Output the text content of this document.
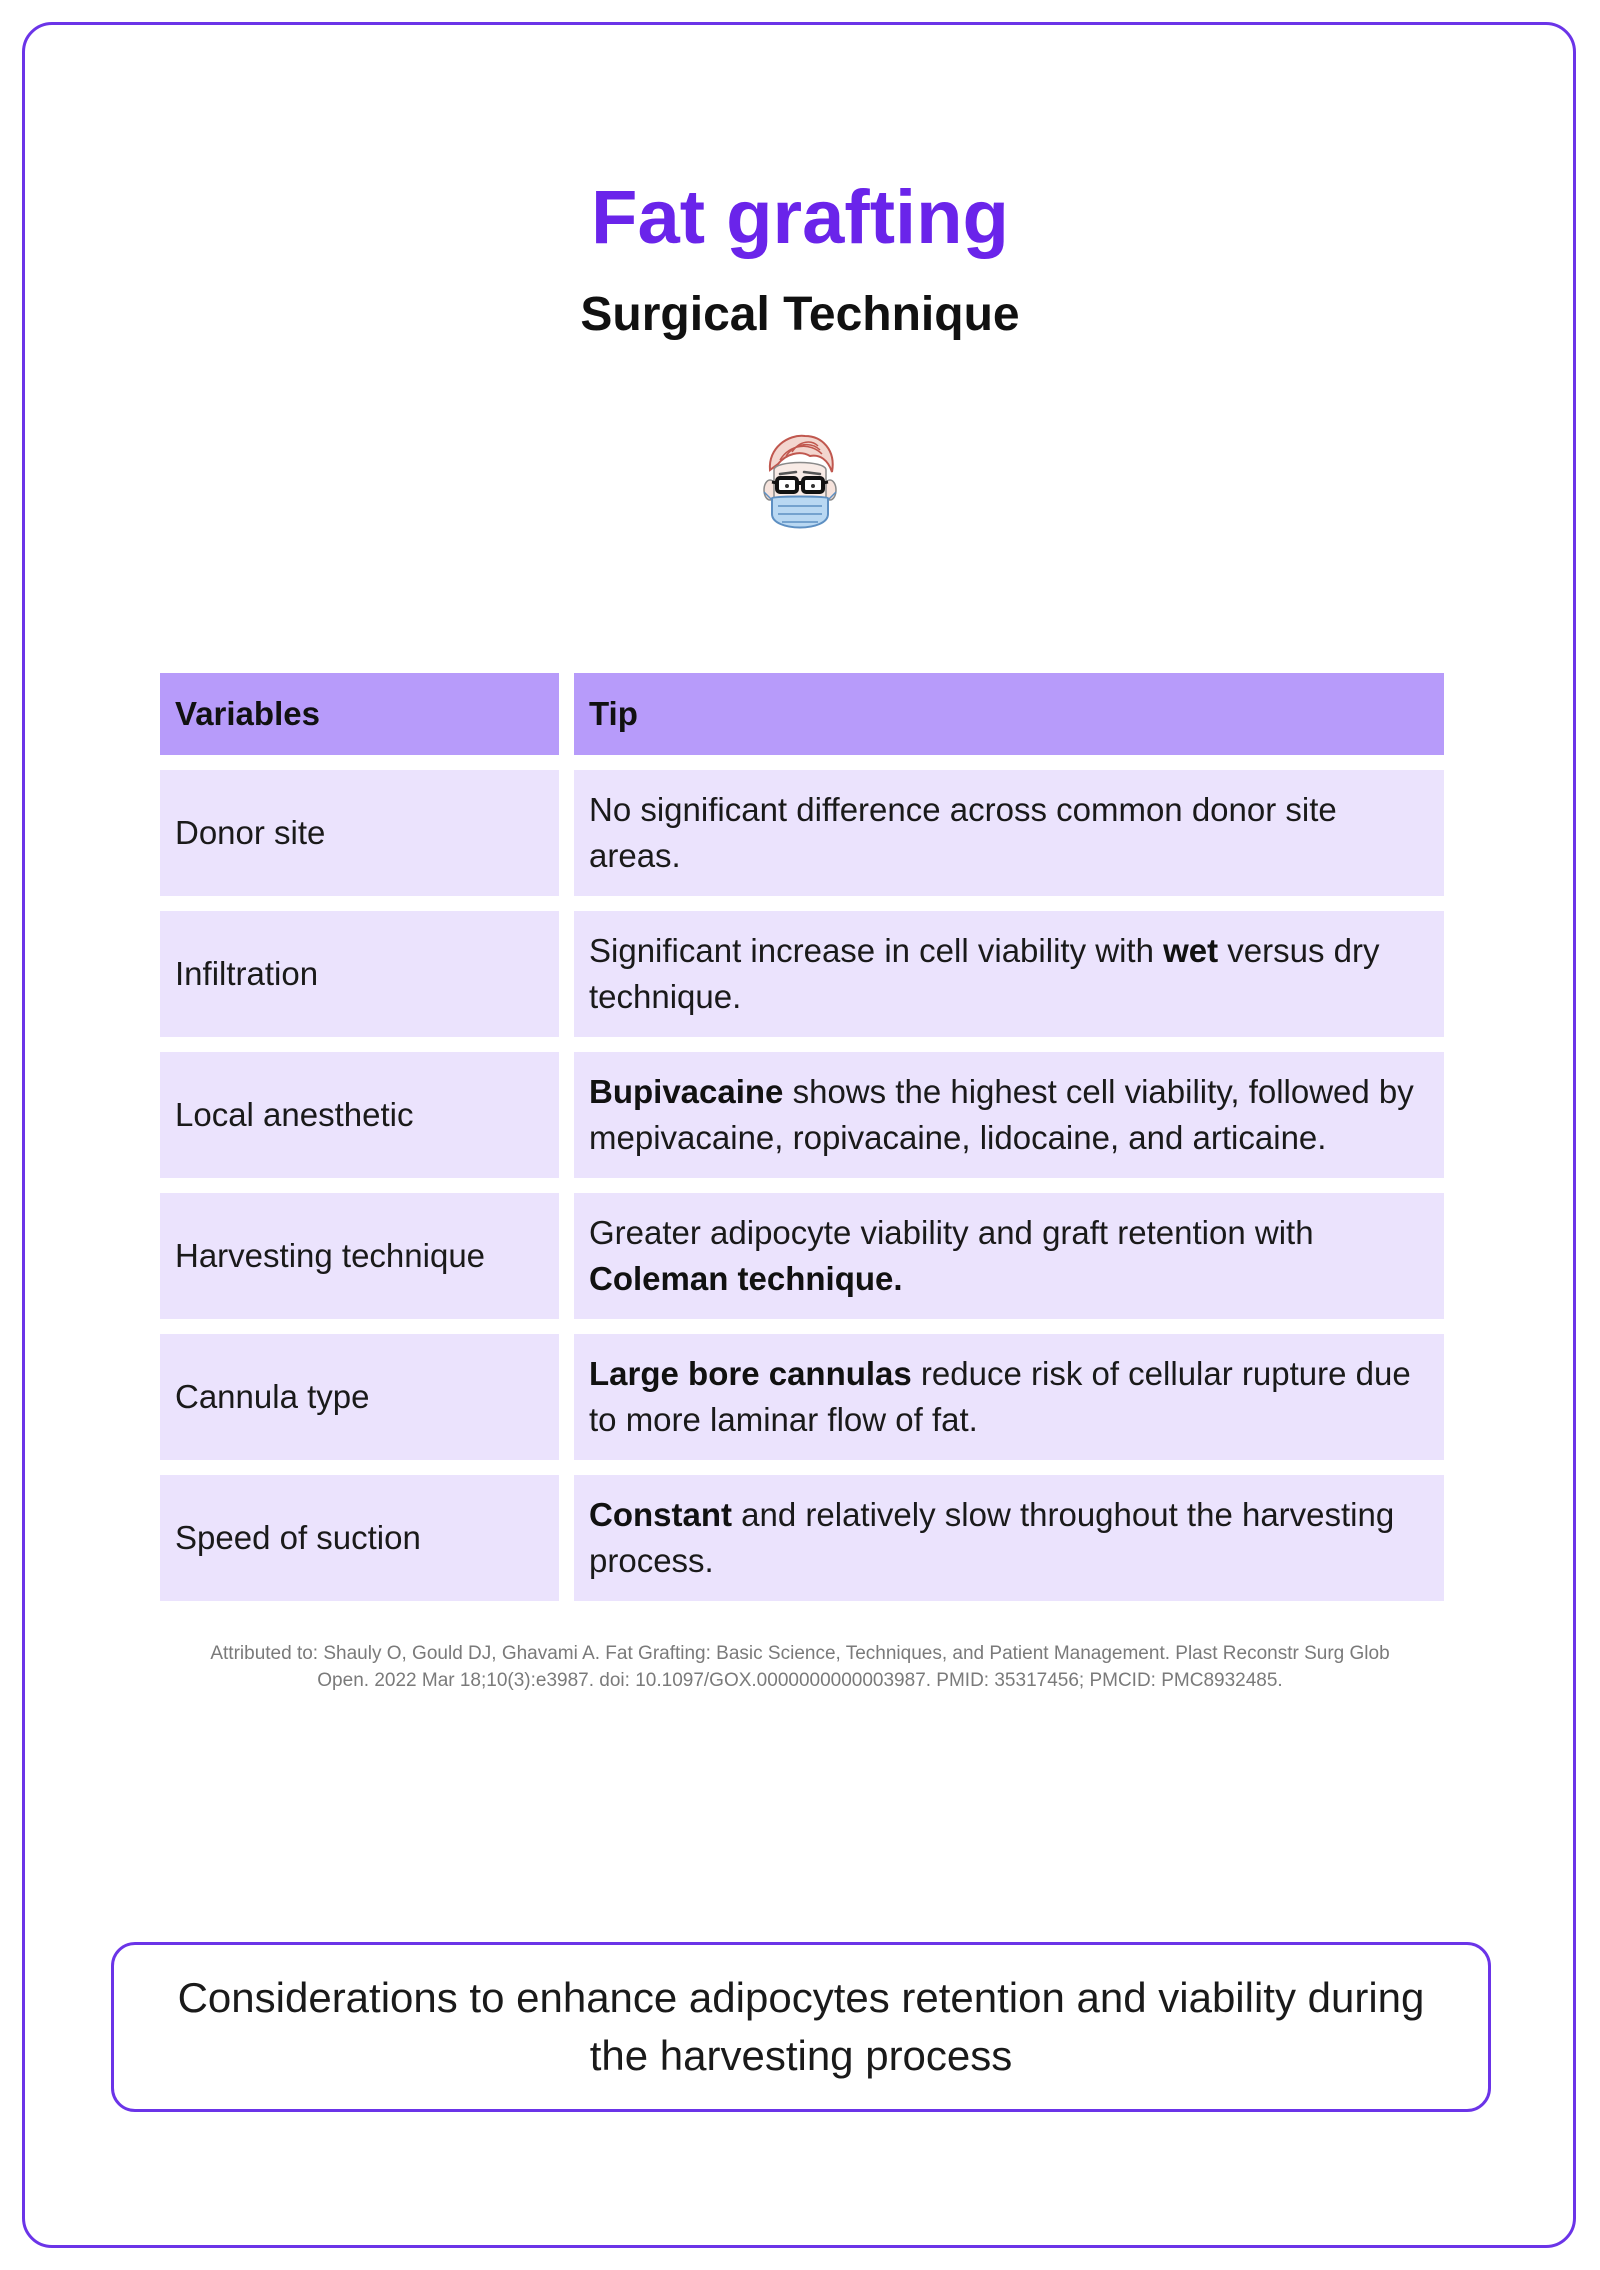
Fat grafting
Surgical Technique
Variables	Tip
Donor site
No significant difference across common donor site areas.
Infiltration
Significant increase in cell viability with wet versus dry technique.
Local anesthetic
Bupivacaine shows the highest cell viability, followed by mepivacaine, ropivacaine, lidocaine, and articaine.
Harvesting technique
Greater adipocyte viability and graft retention with Coleman technique.
Cannula type
Large bore cannulas reduce risk of cellular rupture due to more laminar flow of fat.
Speed of suction
Constant and relatively slow throughout the harvesting process.
Attributed to: Shauly O, Gould DJ, Ghavami A. Fat Grafting: Basic Science, Techniques, and Patient Management. Plast Reconstr Surg Glob Open. 2022 Mar 18;10(3):e3987. doi: 10.1097/GOX.0000000000003987. PMID: 35317456; PMCID: PMC8932485.
Considerations to enhance adipocytes retention and viability during the harvesting process
